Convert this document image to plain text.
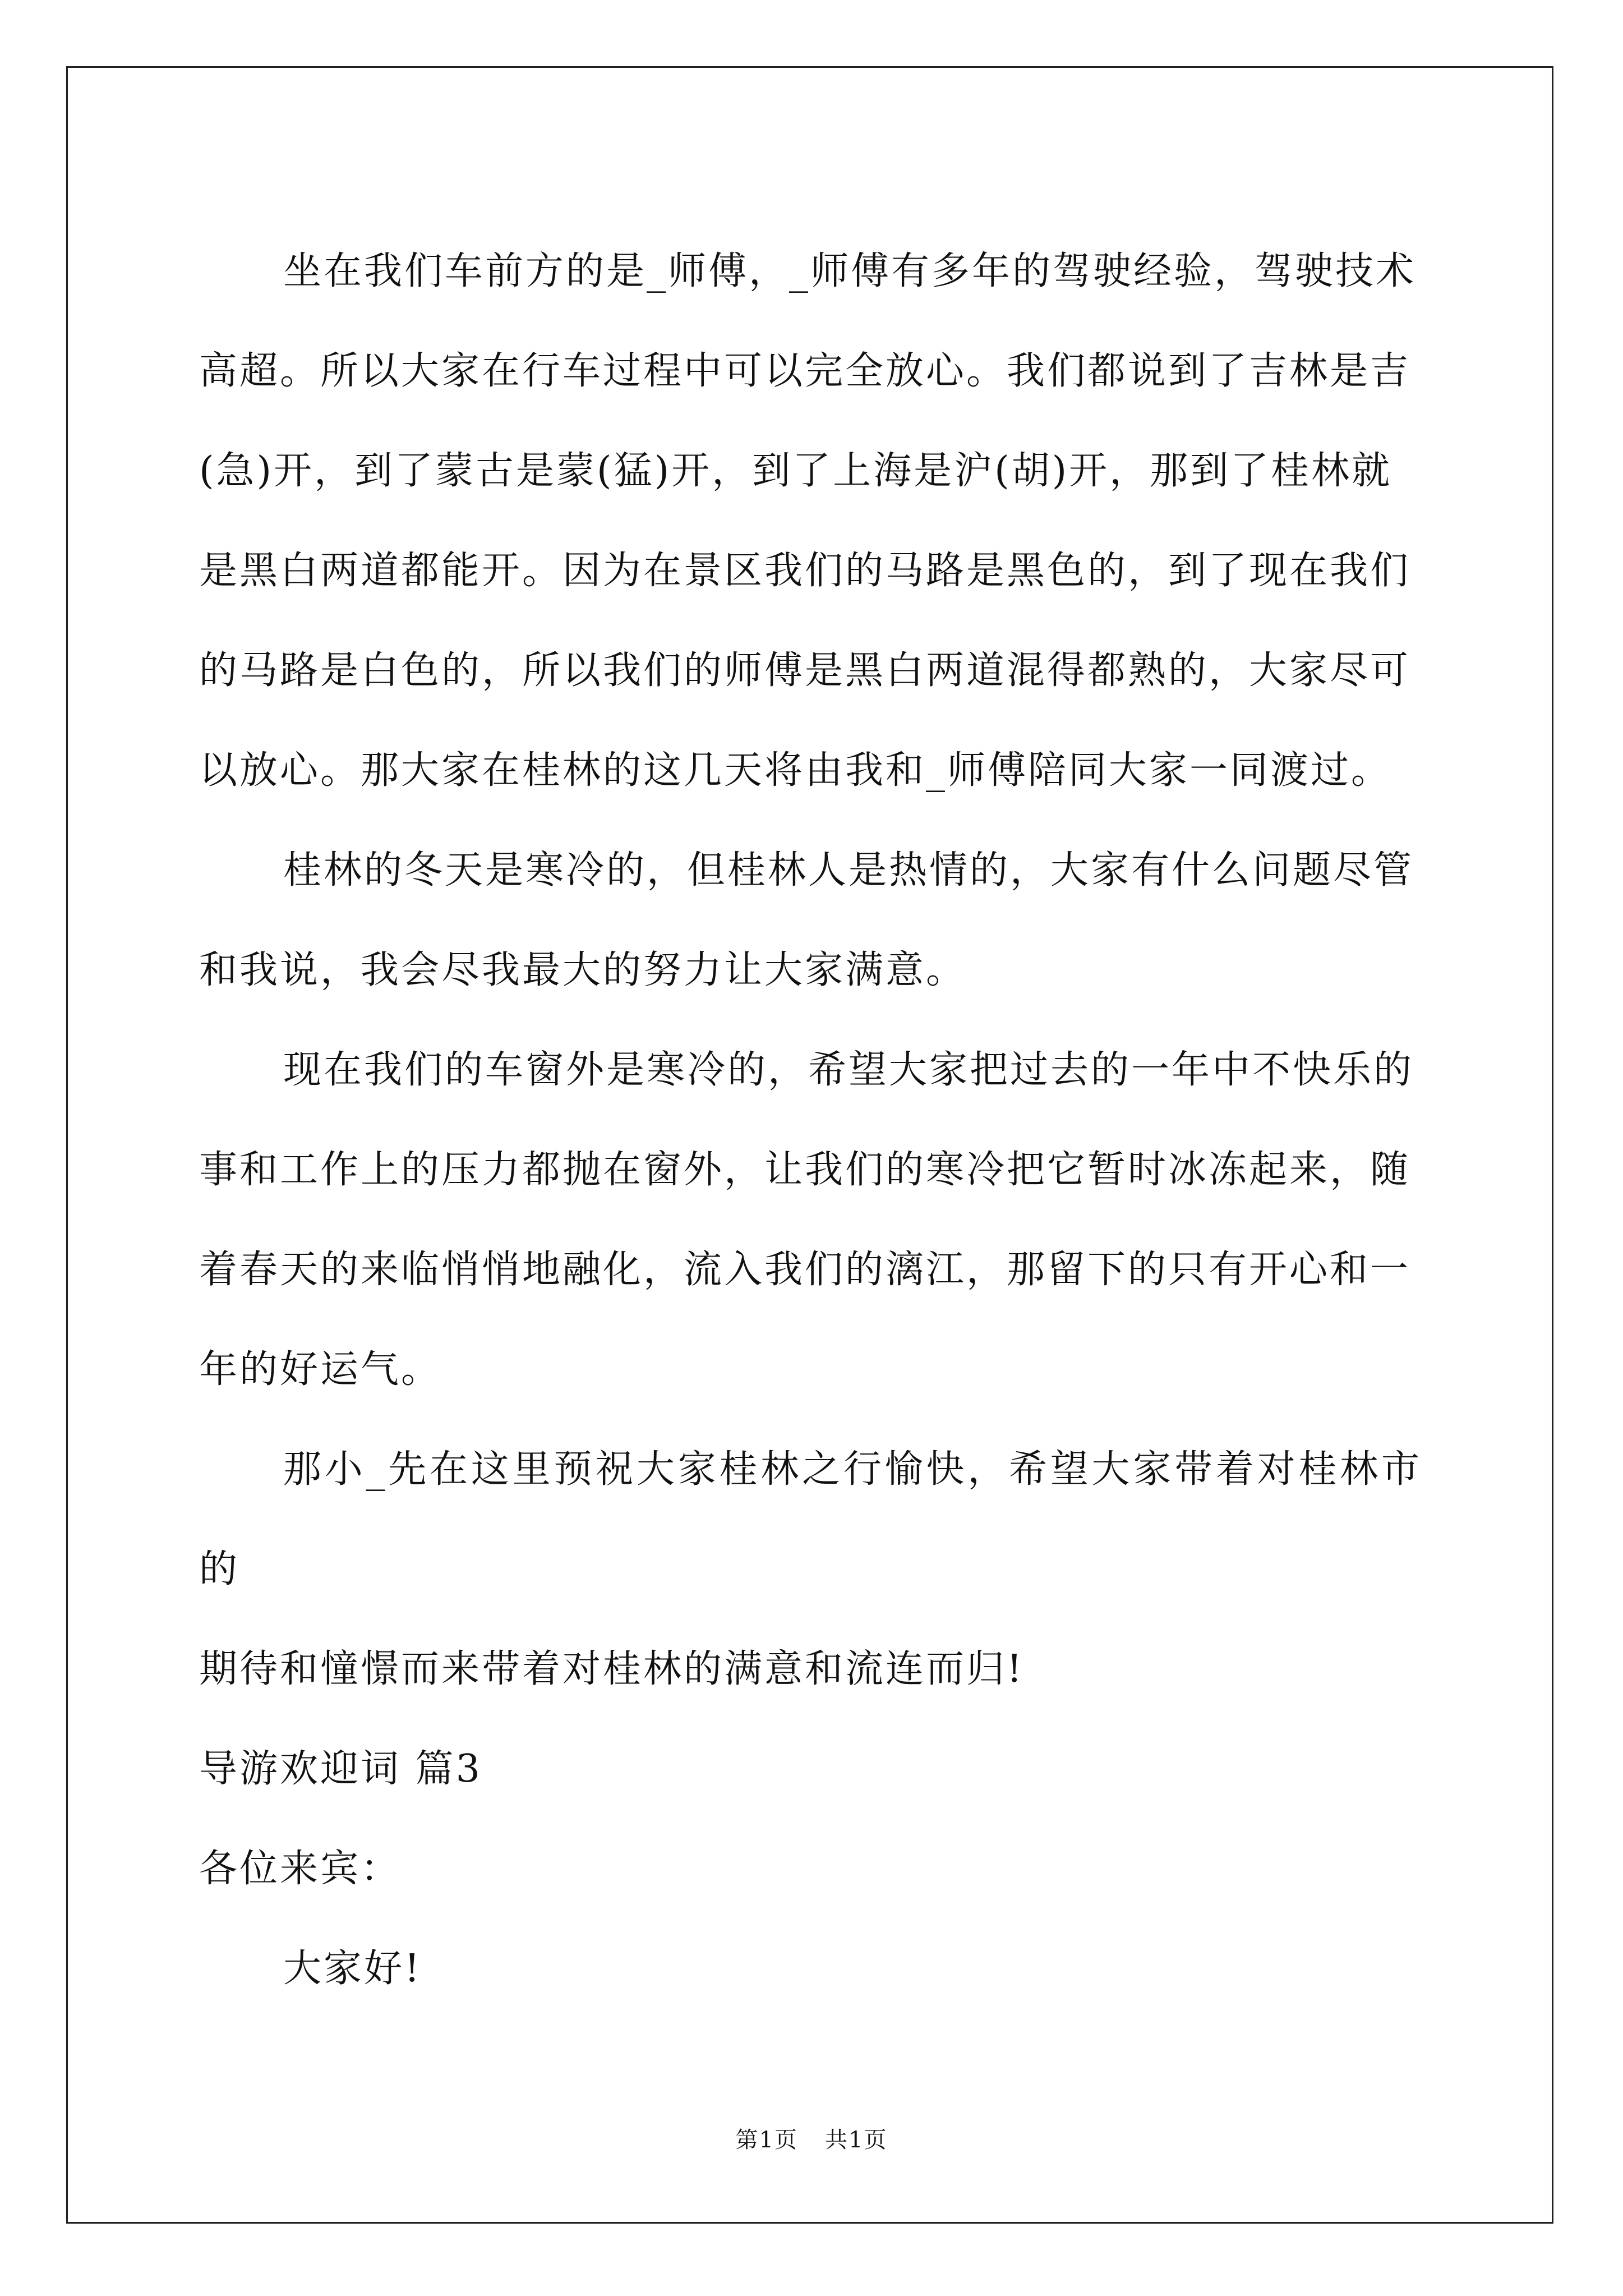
坐在我们车前方的是_师傅，_师傅有多年的驾驶经验，驾驶技术
高超。所以大家在行车过程中可以完全放心。我们都说到了吉林是吉
(急)开，到了蒙古是蒙(猛)开，到了上海是沪(胡)开，那到了桂林就
是黑白两道都能开。因为在景区我们的马路是黑色的，到了现在我们
的马路是白色的，所以我们的师傅是黑白两道混得都熟的，大家尽可
以放心。那大家在桂林的这几天将由我和_师傅陪同大家一同渡过。

桂林的冬天是寒冷的，但桂林人是热情的，大家有什么问题尽管
和我说，我会尽我最大的努力让大家满意。

现在我们的车窗外是寒冷的，希望大家把过去的一年中不快乐的
事和工作上的压力都抛在窗外，让我们的寒冷把它暂时冰冻起来，随
着春天的来临悄悄地融化，流入我们的漓江，那留下的只有开心和一
年的好运气。

那小_先在这里预祝大家桂林之行愉快，希望大家带着对桂林市的
期待和憧憬而来带着对桂林的满意和流连而归!

导游欢迎词 篇3

各位来宾：

大家好!

第1页 共1页
